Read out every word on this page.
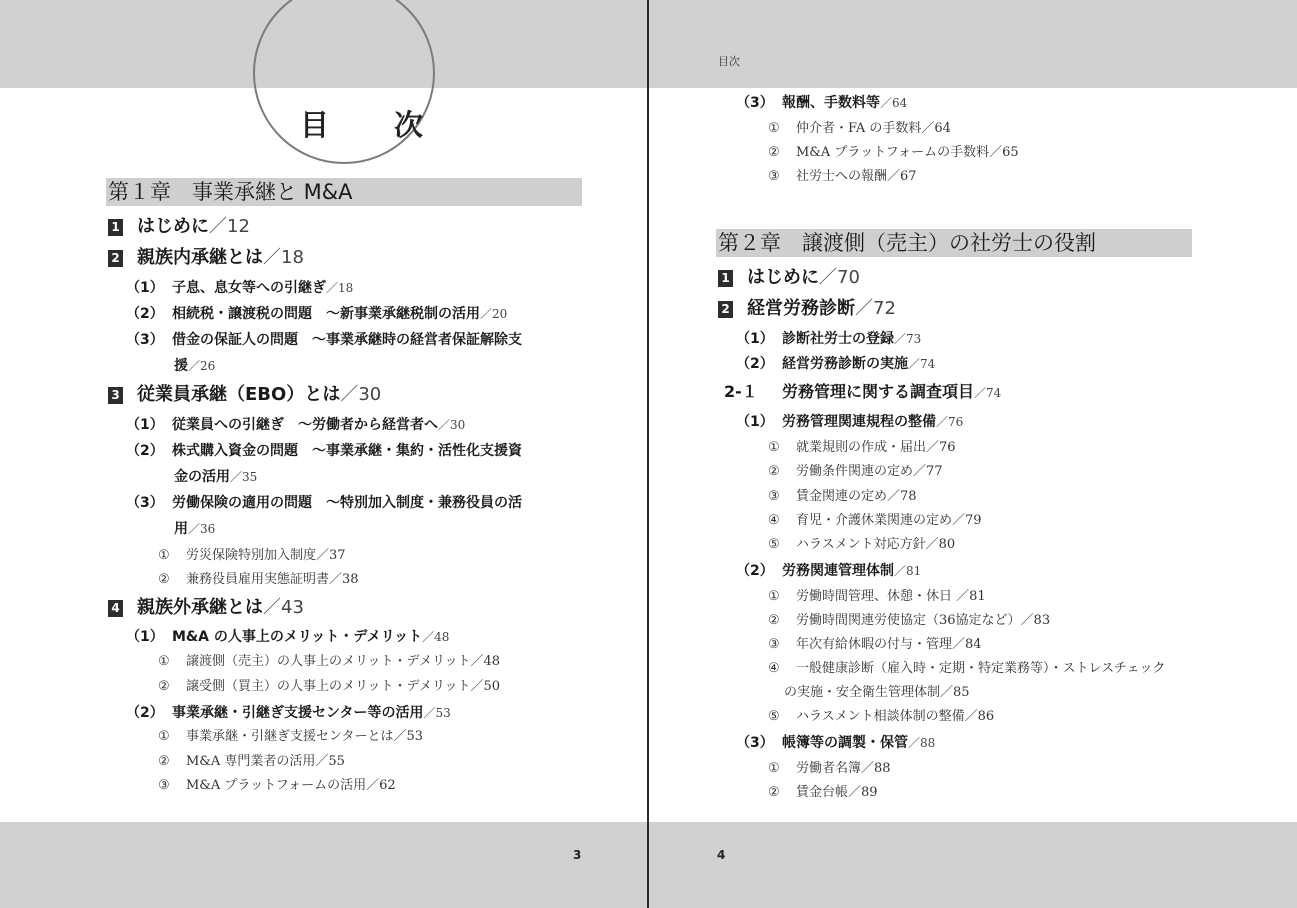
目　次
第１章　事業承継と M&A
1 はじめに／12
2 親族内承継とは／18
（1） 子息、息女等への引継ぎ／18
（2） 相続税・譲渡税の問題　～新事業承継税制の活用／20
（3） 借金の保証人の問題　～事業承継時の経営者保証解除支
援／26
3 従業員承継（EBO）とは／30
（1） 従業員への引継ぎ　～労働者から経営者へ／30
（2） 株式購入資金の問題　～事業承継・集約・活性化支援資
金の活用／35
（3） 労働保険の適用の問題　～特別加入制度・兼務役員の活
用／36
① 労災保険特別加入制度／37
② 兼務役員雇用実態証明書／38
4 親族外承継とは／43
（1） M&A の人事上のメリット・デメリット／48
① 譲渡側（売主）の人事上のメリット・デメリット／48
② 譲受側（買主）の人事上のメリット・デメリット／50
（2） 事業承継・引継ぎ支援センター等の活用／53
① 事業承継・引継ぎ支援センターとは／53
② M&A 専門業者の活用／55
③ M&A プラットフォームの活用／62
3
目次
（3） 報酬、手数料等／64
① 仲介者・FA の手数料／64
② M&A プラットフォームの手数料／65
③ 社労士への報酬／67
第２章　譲渡側（売主）の社労士の役割
1 はじめに／70
2 経営労務診断／72
（1） 診断社労士の登録／73
（2） 経営労務診断の実施／74
2-１ 労務管理に関する調査項目／74
（1） 労務管理関連規程の整備／76
① 就業規則の作成・届出／76
② 労働条件関連の定め／77
③ 賃金関連の定め／78
④ 育児・介護休業関連の定め／79
⑤ ハラスメント対応方針／80
（2） 労務関連管理体制／81
① 労働時間管理、休憩・休日 ／81
② 労働時間関連労使協定（36協定など）／83
③ 年次有給休暇の付与・管理／84
④ 一般健康診断（雇入時・定期・特定業務等）・ストレスチェック
の実施・安全衛生管理体制／85
⑤ ハラスメント相談体制の整備／86
（3） 帳簿等の調製・保管／88
① 労働者名簿／88
② 賃金台帳／89
4
